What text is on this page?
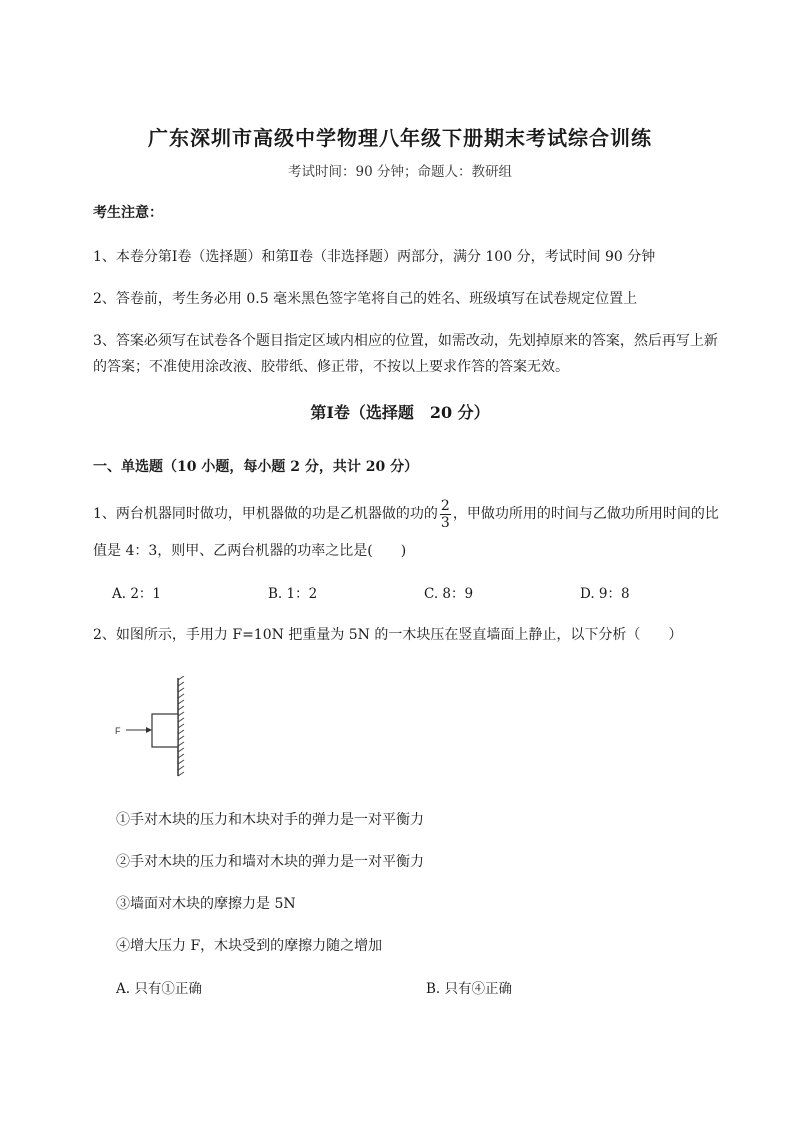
广东深圳市高级中学物理八年级下册期末考试综合训练
考试时间：90 分钟；命题人：教研组
考生注意：
1、本卷分第Ⅰ卷（选择题）和第Ⅱ卷（非选择题）两部分，满分 100 分，考试时间 90 分钟
2、答卷前，考生务必用 0.5 毫米黑色签字笔将自己的姓名、班级填写在试卷规定位置上
3、答案必须写在试卷各个题目指定区域内相应的位置，如需改动，先划掉原来的答案，然后再写上新
的答案；不准使用涂改液、胶带纸、修正带，不按以上要求作答的答案无效。
第Ⅰ卷（选择题　20 分）
一、单选题（10 小题，每小题 2 分，共计 20 分）
1、两台机器同时做功，甲机器做的功是乙机器做的功的 $\frac{2}{3}$ ，甲做功所用的时间与乙做功所用时间的比
值是 4：3，则甲、乙两台机器的功率之比是(　　)
A. 2：1	B. 1：2	C. 8：9	D. 9：8
2、如图所示，手用力 F=10N 把重量为 5N 的一木块压在竖直墙面上静止，以下分析（　　）
F
①手对木块的压力和木块对手的弹力是一对平衡力
②手对木块的压力和墙对木块的弹力是一对平衡力
③墙面对木块的摩擦力是 5N
④增大压力 F，木块受到的摩擦力随之增加
A. 只有①正确	B. 只有④正确
